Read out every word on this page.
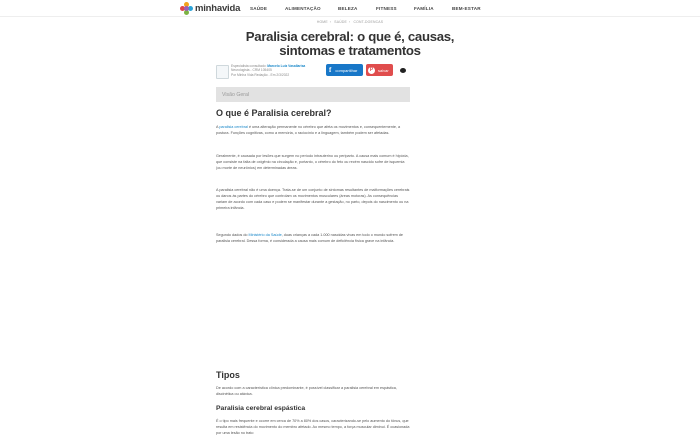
minhavida SAÚDE	ALIMENTAÇÃO	BELEZA	FITNESS	FAMÍLIA	BEM-ESTAR
HOME › SAÚDE › CONT-DOENCAS
Paralisia cerebral: o que é, causas, sintomas e tratamentos
Especialista consultado: Marcelo Luiz Vasallarisa
Neurologista - CRM 105405
Por Minha Vida Redação - Em 2/3/2022
f compartilhar	P	salvar
Visão Geral
O que é Paralisia cerebral?

A paralisia cerebral é uma alteração permanente no cérebro que afeta os movimentos e, consequentemente, a postura. Funções cognitivas, como a memória, o raciocínio e a linguagem, também podem ser afetadas.

Geralmente, é causada por lesões que surgem no período intrauterino ou periparto. A causa mais comum é hipóxia, que consiste na falta de oxigênio na circulação e, portanto, o cérebro do feto ou recém nascido sofre de isquemia (ou morte de neurônios) em determinadas áreas.

A paralisia cerebral não é uma doença. Trata-se de um conjunto de sintomas resultantes de malformações cerebrais ou danos às partes do cérebro que controlam os movimentos musculares (áreas motoras). As consequências variam de acordo com cada caso e podem se manifestar durante a gestação, no parto, depois do nascimento ou na primeira infância.

Segundo dados do Ministério da Saúde, duas crianças a cada 1.000 nascidas vivas em todo o mundo sofrem de paralisia cerebral. Dessa forma, é considerada a causa mais comum de deficiência física grave na infância.

Tipos

De acordo com a característica clínica predominante, é possível classificar a paralisia cerebral em espástica, discinética ou atáxica.

Paralisia cerebral espástica

É o tipo mais frequente e ocorre em cerca de 70% a 80% dos casos, caracterizando-se pelo aumento do tônus, que resulta em resistência do movimento do membro afetado. Ao mesmo tempo, a força muscular diminui. É ocasionada por uma lesão no trato
